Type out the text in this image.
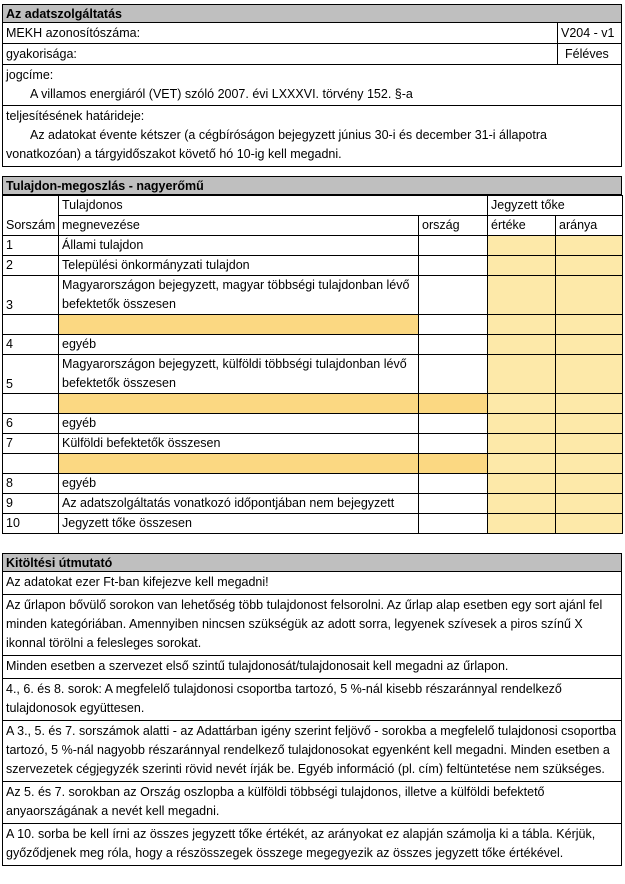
Az adatszolgáltatás
MEKH azonosítószáma:	V204 - v1
gyakorisága:	Féléves
jogcíme:
A villamos energiáról (VET) szóló 2007. évi LXXXVI. törvény 152. §-a
teljesítésének határideje:
Az adatokat évente kétszer (a cégbíróságon bejegyzett június 30-i és december 31-i állapotra
vonatkozóan) a tárgyidőszakot követő hó 10-ig kell megadni.
Tulajdon-megoszlás - nagyerőmű
	Tulajdonos		Jegyzett tőke	
Sorszám	megnevezése	ország	értéke	aránya
1	Állami tulajdon			
2	Települési önkormányzati tulajdon			
3	Magyarországon bejegyzett, magyar többségi tulajdonban lévő befektetők összesen			

4	egyéb			
5	Magyarországon bejegyzett, külföldi többségi tulajdonban lévő befektetők összesen			

6	egyéb			
7	Külföldi befektetők összesen			

8	egyéb			
9	Az adatszolgáltatás vonatkozó időpontjában nem bejegyzett			
10	Jegyzett tőke összesen			
Kitöltési útmutató
Az adatokat ezer Ft-ban kifejezve kell megadni!
Az űrlapon bővülő sorokon van lehetőség több tulajdonost felsorolni. Az űrlap alap esetben egy sort ajánl fel minden kategóriában. Amennyiben nincsen szükségük az adott sorra, legyenek szívesek a piros színű X ikonnal törölni a felesleges sorokat.
Minden esetben a szervezet első szintű tulajdonosát/tulajdonosait kell megadni az űrlapon.
4., 6. és 8. sorok: A megfelelő tulajdonosi csoportba tartozó, 5 %-nál kisebb részaránnyal rendelkező tulajdonosok együttesen.
A 3., 5. és 7. sorszámok alatti - az Adattárban igény szerint feljövő - sorokba a megfelelő tulajdonosi csoportba tartozó, 5 %-nál nagyobb részaránnyal rendelkező tulajdonosokat egyenként kell megadni. Minden esetben a szervezetek cégjegyzék szerinti rövid nevét írják be. Egyéb információ (pl. cím) feltüntetése nem szükséges.
Az 5. és 7. sorokban az Ország oszlopba a külföldi többségi tulajdonos, illetve a külföldi befektető anyaországának a nevét kell megadni.
A 10. sorba be kell írni az összes jegyzett tőke értékét, az arányokat ez alapján számolja ki a tábla. Kérjük, győződjenek meg róla, hogy a részösszegek összege megegyezik az összes jegyzett tőke értékével.
